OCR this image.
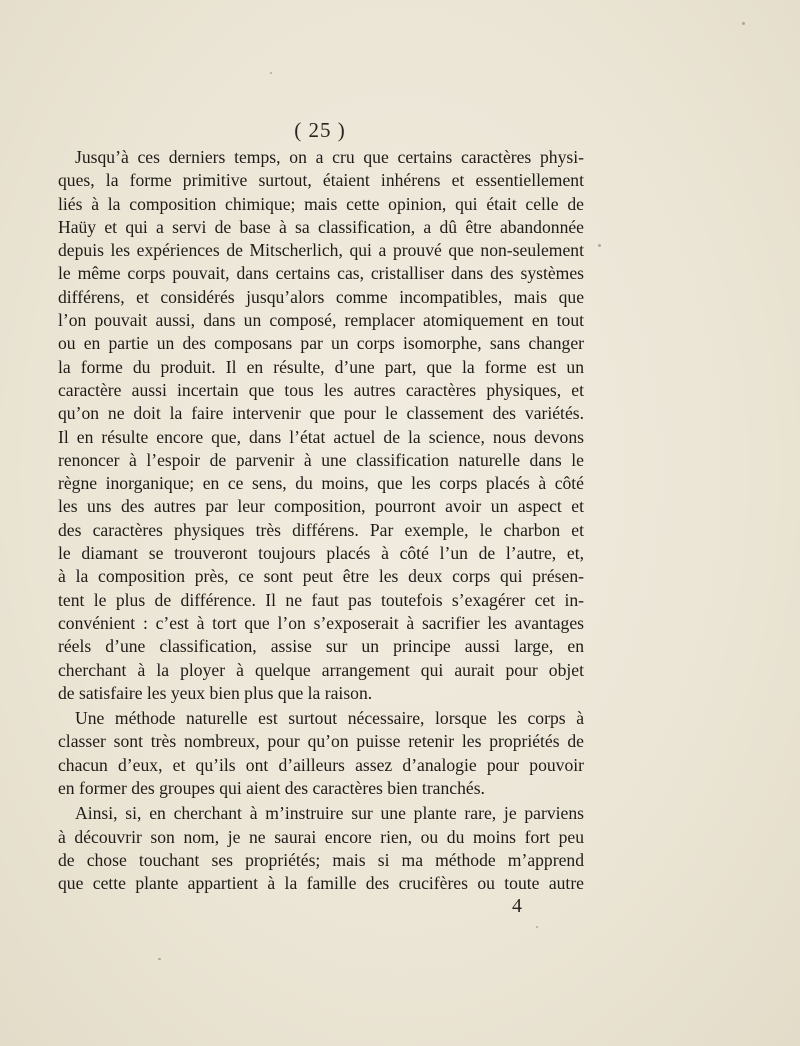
( 25 )
Jusqu’à ces derniers temps, on a cru que certains caractères physi-
ques, la forme primitive surtout, étaient inhérens et essentiellement
liés à la composition chimique; mais cette opinion, qui était celle de
Haüy et qui a servi de base à sa classification, a dû être abandonnée
depuis les expériences de Mitscherlich, qui a prouvé que non-seulement
le même corps pouvait, dans certains cas, cristalliser dans des systèmes
différens, et considérés jusqu’alors comme incompatibles, mais que
l’on pouvait aussi, dans un composé, remplacer atomiquement en tout
ou en partie un des composans par un corps isomorphe, sans changer
la forme du produit. Il en résulte, d’une part, que la forme est un
caractère aussi incertain que tous les autres caractères physiques, et
qu’on ne doit la faire intervenir que pour le classement des variétés.
Il en résulte encore que, dans l’état actuel de la science, nous devons
renoncer à l’espoir de parvenir à une classification naturelle dans le
règne inorganique; en ce sens, du moins, que les corps placés à côté
les uns des autres par leur composition, pourront avoir un aspect et
des caractères physiques très différens. Par exemple, le charbon et
le diamant se trouveront toujours placés à côté l’un de l’autre, et,
à la composition près, ce sont peut être les deux corps qui présen-
tent le plus de différence. Il ne faut pas toutefois s’exagérer cet in-
convénient : c’est à tort que l’on s’exposerait à sacrifier les avantages
réels d’une classification, assise sur un principe aussi large, en
cherchant à la ployer à quelque arrangement qui aurait pour objet
de satisfaire les yeux bien plus que la raison.
Une méthode naturelle est surtout nécessaire, lorsque les corps à
classer sont très nombreux, pour qu’on puisse retenir les propriétés de
chacun d’eux, et qu’ils ont d’ailleurs assez d’analogie pour pouvoir
en former des groupes qui aient des caractères bien tranchés.
Ainsi, si, en cherchant à m’instruire sur une plante rare, je parviens
à découvrir son nom, je ne saurai encore rien, ou du moins fort peu
de chose touchant ses propriétés; mais si ma méthode m’apprend
que cette plante appartient à la famille des crucifères ou toute autre
4
